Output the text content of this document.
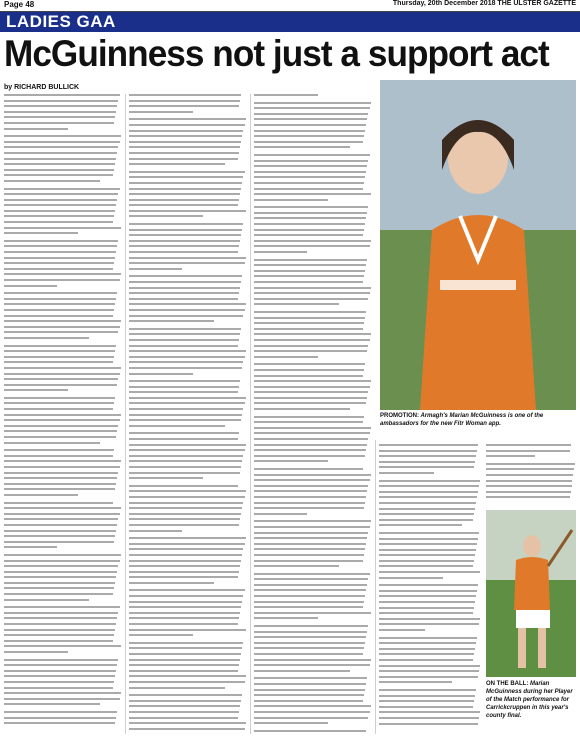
Page 48	Thursday, 20th December 2018 THE ULSTER GAZETTE
LADIES GAA
McGuinness not just a support act
by RICHARD BULLICK
PROMOTION: Armagh's Marian McGuinness is one of the ambassadors for the new Fitr Woman app.
ON THE BALL: Marian McGuinness during her Player of the Match performance for Carrickcruppen in this year's county final.
